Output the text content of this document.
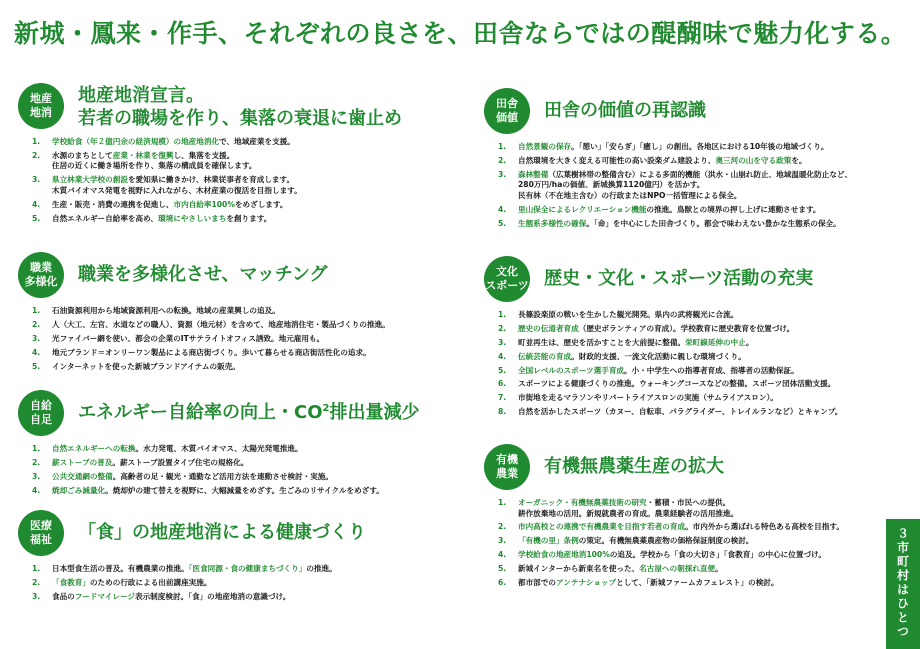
新城・鳳来・作手、それぞれの良さを、田舎ならではの醍醐味で魅力化する。
地産
地消
地産地消宣言。
若者の職場を作り、集落の衰退に歯止め
1. 学校給食（年２億円余の経済規模）の地産地消化で、地域産業を支援。
2. 水源のまちとして産業・林業を復興し、集落を支援。
住居の近くに働き場所を作り、集落の構成員を確保します。
3. 県立林業大学校の創設を愛知県に働きかけ、林業従事者を育成します。
木質バイオマス発電を視野に入れながら、木材産業の復活を目指します。
4. 生産・販売・消費の連携を促進し、市内自給率100%をめざします。
5. 自然エネルギー自給率を高め、環境にやさしいまちを創ります。
職業
多様化 職業を多様化させ、マッチング
1. 石油資源利用から地域資源利用への転換。地域の産業興しの追及。
2. 人（大工、左官、水道などの職人）、資源（地元材）を含めて、地産地消住宅・製品づくりの推進。
3. 光ファイバー網を使い、都会の企業のITサテライトオフィス誘致。地元雇用も。
4. 地元ブランド＝オンリーワン製品による商店街づくり。歩いて暮らせる商店街活性化の追求。
5. インターネットを使った新城ブランドアイテムの販売。
自給
自足 エネルギー自給率の向上・$CO^2$排出量減少
1. 自然エネルギーへの転換。水力発電、木質バイオマス、太陽光発電推進。
2. 薪ストーブの普及。薪ストーブ設置タイプ住宅の規格化。
3. 公共交通網の整備。高齢者の足・観光・通勤など活用方法を連動させ検討・実施。
4. 焼却ごみ減量化。焼却炉の建て替えを視野に、大幅減量をめざす。生ごみのリサイクルをめざす。
医療
福祉 「食」の地産地消による健康づくり
1. 日本型食生活の普及。有機農業の推進。「医食同源・食の健康まちづくり」の推進。
2. 「食教育」のための行政による出前講座実施。
3. 食品のフードマイレージ表示制度検討。「食」の地産地消の意識づけ。
田舎
価値 田舎の価値の再認識
1. 自然景観の保存。「憩い」「安らぎ」「癒し」の創出。各地区における10年後の地域づくり。
2. 自然環境を大きく変える可能性の高い設楽ダム建設より、奥三河の山を守る政策を。
3. 森林整備（広葉樹林帯の整備含む）による多面的機能（洪水・山崩れ防止、地域温暖化防止など、
280万円/haの価値、新城換算1120億円）を活かす。
民有林（不在地主含む）の行政またはNPO一括管理による保全。
4. 里山保全によるレクリエーション機能の推進。鳥獣との境界の押し上げに連動させます。
5. 生態系多様性の確保。「命」を中心にした田舎づくり。都会で味わえない豊かな生態系の保全。
文化
スポーツ 歴史・文化・スポーツ活動の充実
1. 長篠設楽原の戦いを生かした観光開発。県内の武将観光に合流。
2. 歴史の伝道者育成（歴史ボランティアの育成）。学校教育に歴史教育を位置づけ。
3. 町並再生は、歴史を活かすことを大前提に整備。栄町線延伸の中止。
4. 伝統芸能の育成。財政的支援、一流文化活動に親しむ環境づくり。
5. 全国レベルのスポーツ選手育成。小・中学生への指導者育成、指導者の活動保証。
6. スポーツによる健康づくりの推進。ウォーキングコースなどの整備。スポーツ団体活動支援。
7. 市街地を走るマラソンやリバートライアスロンの実施（サムライアスロン）。
8. 自然を活かしたスポーツ（カヌー、自転車、パラグライダー、トレイルランなど）とキャンプ。
有機
農業 有機無農薬生産の拡大
1. オーガニック・有機無農薬技術の研究・蓄積・市民への提供。
耕作放棄地の活用。新規就農者の育成。農業経験者の活用推進。
2. 市内高校との連携で有機農業を目指す若者の育成。市内外から選ばれる特色ある高校を目指す。
3. 「有機の里」条例の策定。有機無農薬農産物の価格保証制度の検討。
4. 学校給食の地産地消100%の追及。学校から「食の大切さ」「食教育」の中心に位置づけ。
5. 新城インターから新東名を使った、名古屋への朝採れ直便。
6. 都市部でのアンテナショップとして、「新城ファームカフェレスト」の検討。	３市町村はひとつ
